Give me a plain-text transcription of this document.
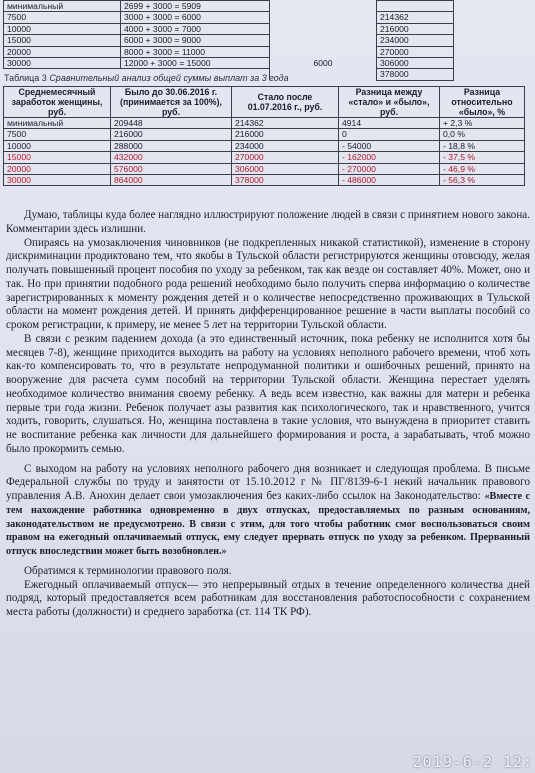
минимальный	2699 + 3000 = 5909		
7500	3000 + 3000 = 6000		214362
10000	4000 + 3000 = 7000		216000
15000	6000 + 3000 = 9000		234000
20000	8000 + 3000 = 11000		270000
30000	12000 + 3000 = 15000	6000	306000
			378000
Таблица 3 Сравнительный анализ общей суммы выплат за 3 года
Среднемесячный заработок женщины, руб.	Было до 30.06.2016 г. (принимается за 100%), руб.	Стало после 01.07.2016 г., руб.	Разница между «стало» и «было», руб.	Разница относительно «было», %
минимальный	209448	214362	4914	+ 2,3 %
7500	216000	216000	0	0,0 %
10000	288000	234000	- 54000	- 18,8 %
15000	432000	270000	- 162000	- 37,5 %
20000	576000	306000	- 270000	- 46,9 %
30000	864000	378000	- 486000	- 56,3 %

Думаю, таблицы куда более наглядно иллюстрируют положение людей в связи с принятием нового закона. Комментарии здесь излишни.

Опираясь на умозаключения чиновников (не подкрепленных никакой статистикой), изменение в сторону дискриминации продиктовано тем, что якобы в Тульской области регистрируются женщины отовсюду, желая получать повышенный процент пособия по уходу за ребенком, так как везде он составляет 40%. Может, оно и так. Но при принятии подобного рода решений необходимо было получить сперва информацию о количестве зарегистрированных к моменту рождения детей и о количестве непосредственно проживающих в Тульской области на момент рождения детей. И принять дифференцированное решение в части выплаты пособий со сроком регистрации, к примеру, не менее 5 лет на территории Тульской области.

В связи с резким падением дохода (а это единственный источник, пока ребенку не исполнится хотя бы месяцев 7-8), женщине приходится выходить на работу на условиях неполного рабочего времени, чтоб хоть как-то компенсировать то, что в результате непродуманной политики и ошибочных решений, принято на вооружение для расчета сумм пособий на территории Тульской области. Женщина перестает уделять необходимое количество внимания своему ребенку. А ведь всем известно, как важны для матери и ребенка первые три года жизни. Ребенок получает азы развития как психологического, так и нравственного, учится ходить, говорить, слушаться. Но, женщина поставлена в такие условия, что вынуждена в приоритет ставить не воспитание ребенка как личности для дальнейшего формирования и роста, а зарабатывать, чтоб можно было прокормить семью.

С выходом на работу на условиях неполного рабочего дня возникает и следующая проблема. В письме Федеральной службы по труду и занятости от 15.10.2012 г № ПГ/8139-6-1 некий начальник правового управления А.В. Анохин делает свои умозаключения без каких-либо ссылок на Законодательство: «Вместе с тем нахождение работника одновременно в двух отпусках, предоставляемых по разным основаниям, законодательством не предусмотрено. В связи с этим, для того чтобы работник смог воспользоваться своим правом на ежегодный оплачиваемый отпуск, ему следует прервать отпуск по уходу за ребенком. Прерванный отпуск впоследствии может быть возобновлен.»

Обратимся к терминологии правового поля.

Ежегодный оплачиваемый отпуск— это непрерывный отдых в течение определенного количества дней подряд, который предоставляется всем работникам для восстановления работоспособности с сохранением места работы (должности) и среднего заработка (ст. 114 ТК РФ).

2019-6-2 12:
